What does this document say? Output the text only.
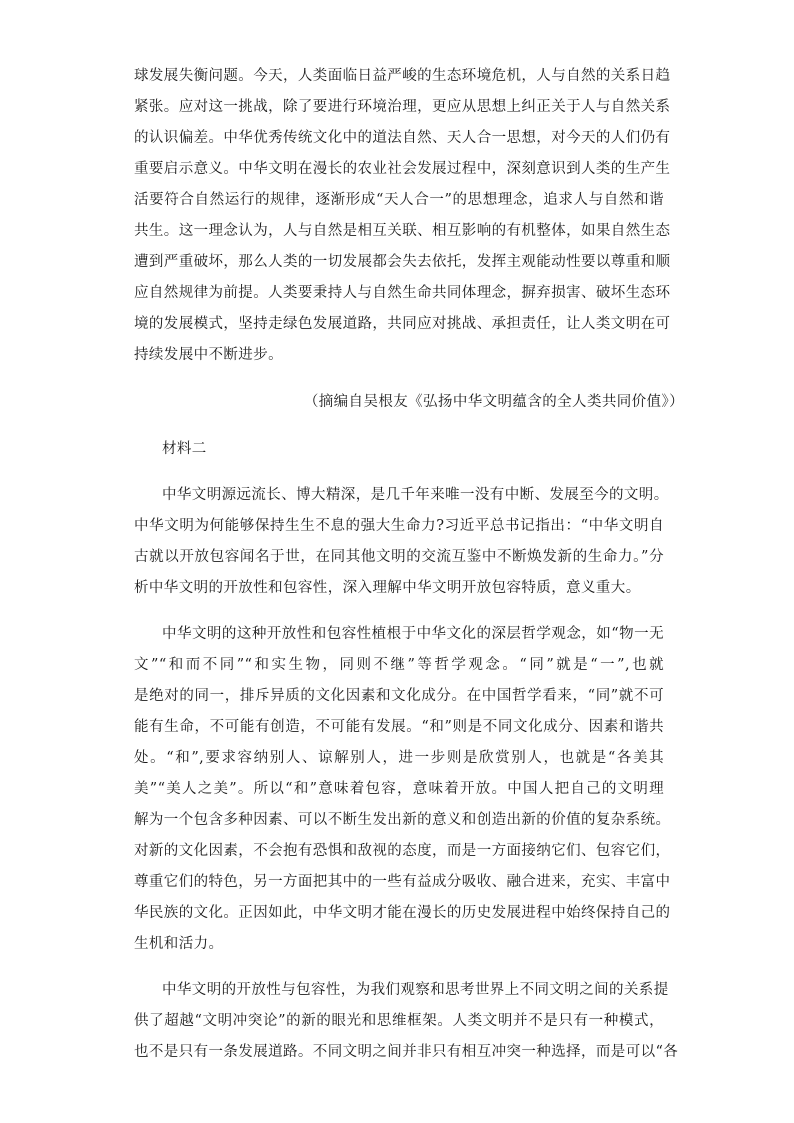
球发展失衡问题。今天，人类面临日益严峻的生态环境危机，人与自然的关系日趋
紧张。应对这一挑战，除了要进行环境治理，更应从思想上纠正关于人与自然关系
的认识偏差。中华优秀传统文化中的道法自然、天人合一思想，对今天的人们仍有
重要启示意义。中华文明在漫长的农业社会发展过程中，深刻意识到人类的生产生
活要符合自然运行的规律，逐渐形成“天人合一”的思想理念，追求人与自然和谐
共生。这一理念认为，人与自然是相互关联、相互影响的有机整体，如果自然生态
遭到严重破坏，那么人类的一切发展都会失去依托，发挥主观能动性要以尊重和顺
应自然规律为前提。人类要秉持人与自然生命共同体理念，摒弃损害、破坏生态环
境的发展模式，坚持走绿色发展道路，共同应对挑战、承担责任，让人类文明在可
持续发展中不断进步。
（摘编自吴根友《弘扬中华文明蕴含的全人类共同价值》）
材料二
中华文明源远流长、博大精深，是几千年来唯一没有中断、发展至今的文明。
中华文明为何能够保持生生不息的强大生命力?习近平总书记指出：“中华文明自
古就以开放包容闻名于世，在同其他文明的交流互鉴中不断焕发新的生命力。”分
析中华文明的开放性和包容性，深入理解中华文明开放包容特质，意义重大。
中华文明的这种开放性和包容性植根于中华文化的深层哲学观念，如“物一无
文”“和而不同”“和实生物，同则不继”等哲学观念。“同”就是“一”,也就
是绝对的同一，排斥异质的文化因素和文化成分。在中国哲学看来，“同”就不可
能有生命，不可能有创造，不可能有发展。“和”则是不同文化成分、因素和谐共
处。“和”,要求容纳别人、谅解别人，进一步则是欣赏别人，也就是“各美其
美”“美人之美”。所以“和”意味着包容，意味着开放。中国人把自己的文明理
解为一个包含多种因素、可以不断生发出新的意义和创造出新的价值的复杂系统。
对新的文化因素，不会抱有恐惧和敌视的态度，而是一方面接纳它们、包容它们，
尊重它们的特色，另一方面把其中的一些有益成分吸收、融合进来，充实、丰富中
华民族的文化。正因如此，中华文明才能在漫长的历史发展进程中始终保持自己的
生机和活力。
中华文明的开放性与包容性，为我们观察和思考世界上不同文明之间的关系提
供了超越“文明冲突论”的新的眼光和思维框架。人类文明并不是只有一种模式，
也不是只有一条发展道路。不同文明之间并非只有相互冲突一种选择，而是可以“各
